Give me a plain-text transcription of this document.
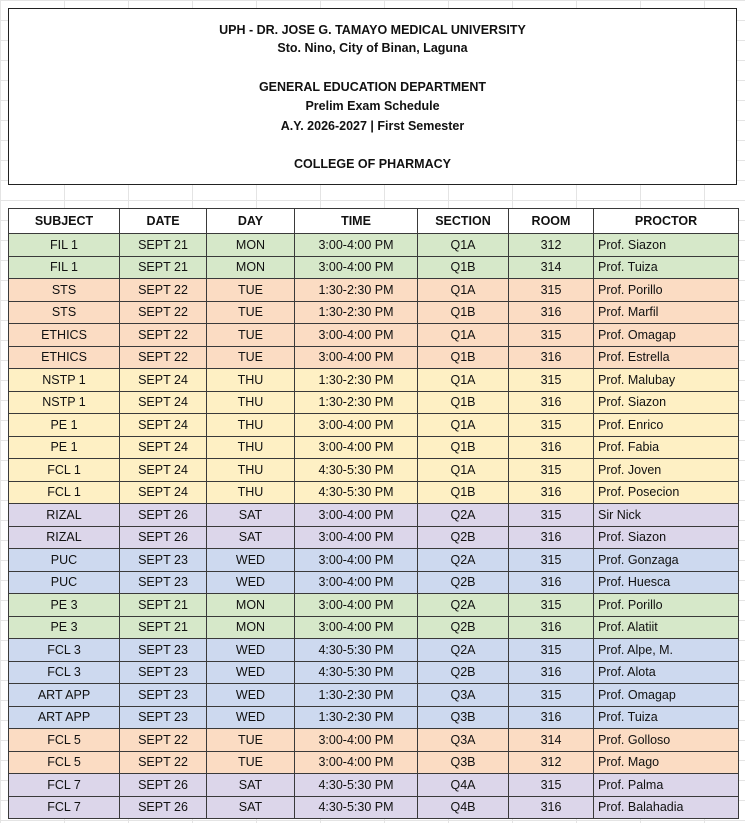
UPH - DR. JOSE G. TAMAYO MEDICAL UNIVERSITY
Sto. Nino, City of Binan, Laguna
GENERAL EDUCATION DEPARTMENT
Prelim Exam Schedule
A.Y. 2026-2027 | First Semester
COLLEGE OF PHARMACY
SUBJECT	DATE	DAY	TIME	SECTION	ROOM	PROCTOR
FIL 1	SEPT 21	MON	3:00-4:00 PM	Q1A	312	Prof. Siazon
FIL 1	SEPT 21	MON	3:00-4:00 PM	Q1B	314	Prof. Tuiza
STS	SEPT 22	TUE	1:30-2:30 PM	Q1A	315	Prof. Porillo
STS	SEPT 22	TUE	1:30-2:30 PM	Q1B	316	Prof. Marfil
ETHICS	SEPT 22	TUE	3:00-4:00 PM	Q1A	315	Prof. Omagap
ETHICS	SEPT 22	TUE	3:00-4:00 PM	Q1B	316	Prof. Estrella
NSTP 1	SEPT 24	THU	1:30-2:30 PM	Q1A	315	Prof. Malubay
NSTP 1	SEPT 24	THU	1:30-2:30 PM	Q1B	316	Prof. Siazon
PE 1	SEPT 24	THU	3:00-4:00 PM	Q1A	315	Prof. Enrico
PE 1	SEPT 24	THU	3:00-4:00 PM	Q1B	316	Prof. Fabia
FCL 1	SEPT 24	THU	4:30-5:30 PM	Q1A	315	Prof. Joven
FCL 1	SEPT 24	THU	4:30-5:30 PM	Q1B	316	Prof. Posecion
RIZAL	SEPT 26	SAT	3:00-4:00 PM	Q2A	315	Sir Nick
RIZAL	SEPT 26	SAT	3:00-4:00 PM	Q2B	316	Prof. Siazon
PUC	SEPT 23	WED	3:00-4:00 PM	Q2A	315	Prof. Gonzaga
PUC	SEPT 23	WED	3:00-4:00 PM	Q2B	316	Prof. Huesca
PE 3	SEPT 21	MON	3:00-4:00 PM	Q2A	315	Prof. Porillo
PE 3	SEPT 21	MON	3:00-4:00 PM	Q2B	316	Prof. Alatiit
FCL 3	SEPT 23	WED	4:30-5:30 PM	Q2A	315	Prof. Alpe, M.
FCL 3	SEPT 23	WED	4:30-5:30 PM	Q2B	316	Prof. Alota
ART APP	SEPT 23	WED	1:30-2:30 PM	Q3A	315	Prof. Omagap
ART APP	SEPT 23	WED	1:30-2:30 PM	Q3B	316	Prof. Tuiza
FCL 5	SEPT 22	TUE	3:00-4:00 PM	Q3A	314	Prof. Golloso
FCL 5	SEPT 22	TUE	3:00-4:00 PM	Q3B	312	Prof. Mago
FCL 7	SEPT 26	SAT	4:30-5:30 PM	Q4A	315	Prof. Palma
FCL 7	SEPT 26	SAT	4:30-5:30 PM	Q4B	316	Prof. Balahadia
